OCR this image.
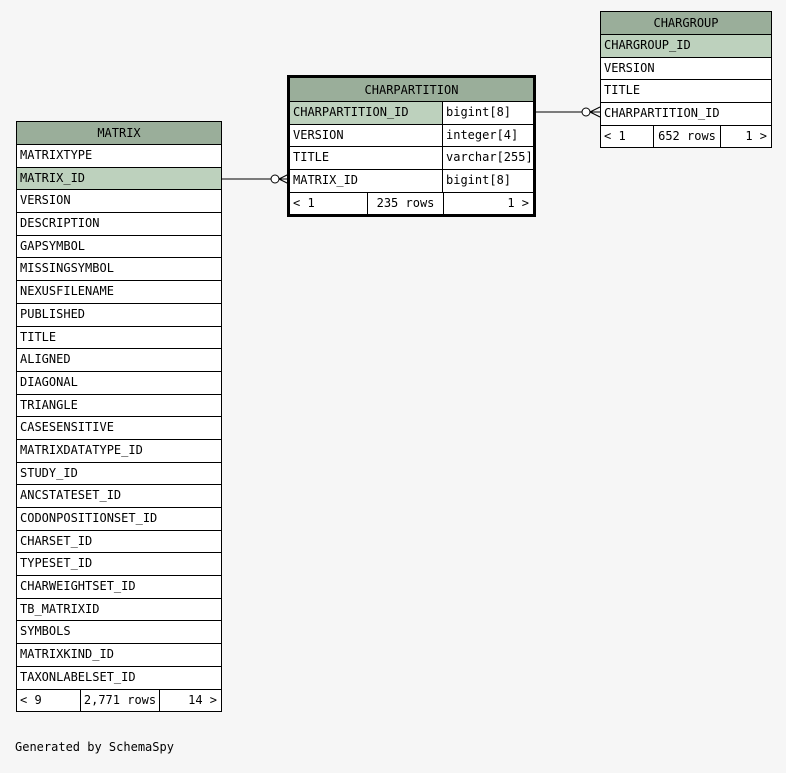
MATRIX
MATRIXTYPE
MATRIX_ID
VERSION
DESCRIPTION
GAPSYMBOL
MISSINGSYMBOL
NEXUSFILENAME
PUBLISHED
TITLE
ALIGNED
DIAGONAL
TRIANGLE
CASESENSITIVE
MATRIXDATATYPE_ID
STUDY_ID
ANCSTATESET_ID
CODONPOSITIONSET_ID
CHARSET_ID
TYPESET_ID
CHARWEIGHTSET_ID
TB_MATRIXID
SYMBOLS
MATRIXKIND_ID
TAXONLABELSET_ID
< 9	2,771 rows	14 >
CHARPARTITION
CHARPARTITION_ID	bigint[8]
VERSION	integer[4]
TITLE	varchar[255]
MATRIX_ID	bigint[8]
< 1	235 rows	1 >
CHARGROUP
CHARGROUP_ID
VERSION
TITLE
CHARPARTITION_ID
< 1	652 rows	1 >
Generated by SchemaSpy
